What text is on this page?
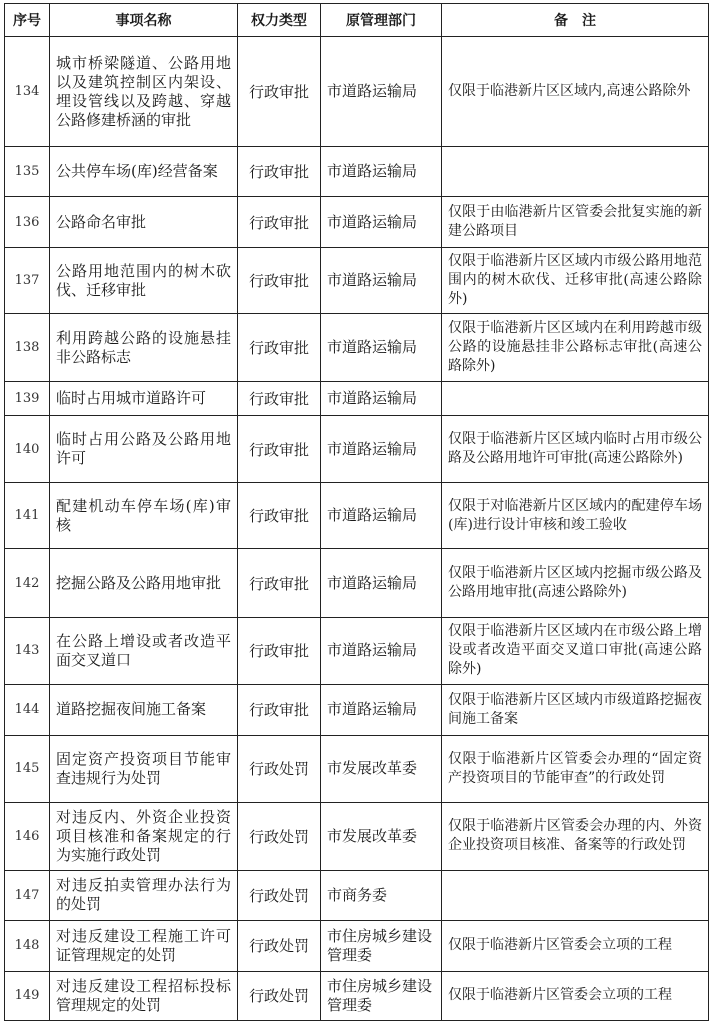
序号	事项名称	权力类型	原管理部门	备　注
134	城市桥梁隧道、公路用地以及建筑控制区内架设、埋设管线以及跨越、穿越公路修建桥涵的审批	行政审批	市道路运输局	仅限于临港新片区区域内,高速公路除外
135	公共停车场(库)经营备案	行政审批	市道路运输局	
136	公路命名审批	行政审批	市道路运输局	仅限于由临港新片区管委会批复实施的新建公路项目
137	公路用地范围内的树木砍伐、迁移审批	行政审批	市道路运输局	仅限于临港新片区区域内市级公路用地范围内的树木砍伐、迁移审批(高速公路除外)
138	利用跨越公路的设施悬挂非公路标志	行政审批	市道路运输局	仅限于临港新片区区域内在利用跨越市级公路的设施悬挂非公路标志审批(高速公路除外)
139	临时占用城市道路许可	行政审批	市道路运输局	
140	临时占用公路及公路用地许可	行政审批	市道路运输局	仅限于临港新片区区域内临时占用市级公路及公路用地许可审批(高速公路除外)
141	配建机动车停车场(库)审核	行政审批	市道路运输局	仅限于对临港新片区区域内的配建停车场(库)进行设计审核和竣工验收
142	挖掘公路及公路用地审批	行政审批	市道路运输局	仅限于临港新片区区域内挖掘市级公路及公路用地审批(高速公路除外)
143	在公路上增设或者改造平面交叉道口	行政审批	市道路运输局	仅限于临港新片区区域内在市级公路上增设或者改造平面交叉道口审批(高速公路除外)
144	道路挖掘夜间施工备案	行政审批	市道路运输局	仅限于临港新片区区域内市级道路挖掘夜间施工备案
145	固定资产投资项目节能审查违规行为处罚	行政处罚	市发展改革委	仅限于临港新片区管委会办理的“固定资产投资项目的节能审查”的行政处罚
146	对违反内、外资企业投资项目核准和备案规定的行为实施行政处罚	行政处罚	市发展改革委	仅限于临港新片区管委会办理的内、外资企业投资项目核准、备案等的行政处罚
147	对违反拍卖管理办法行为的处罚	行政处罚	市商务委	
148	对违反建设工程施工许可证管理规定的处罚	行政处罚	市住房城乡建设管理委	仅限于临港新片区管委会立项的工程
149	对违反建设工程招标投标管理规定的处罚	行政处罚	市住房城乡建设管理委	仅限于临港新片区管委会立项的工程
